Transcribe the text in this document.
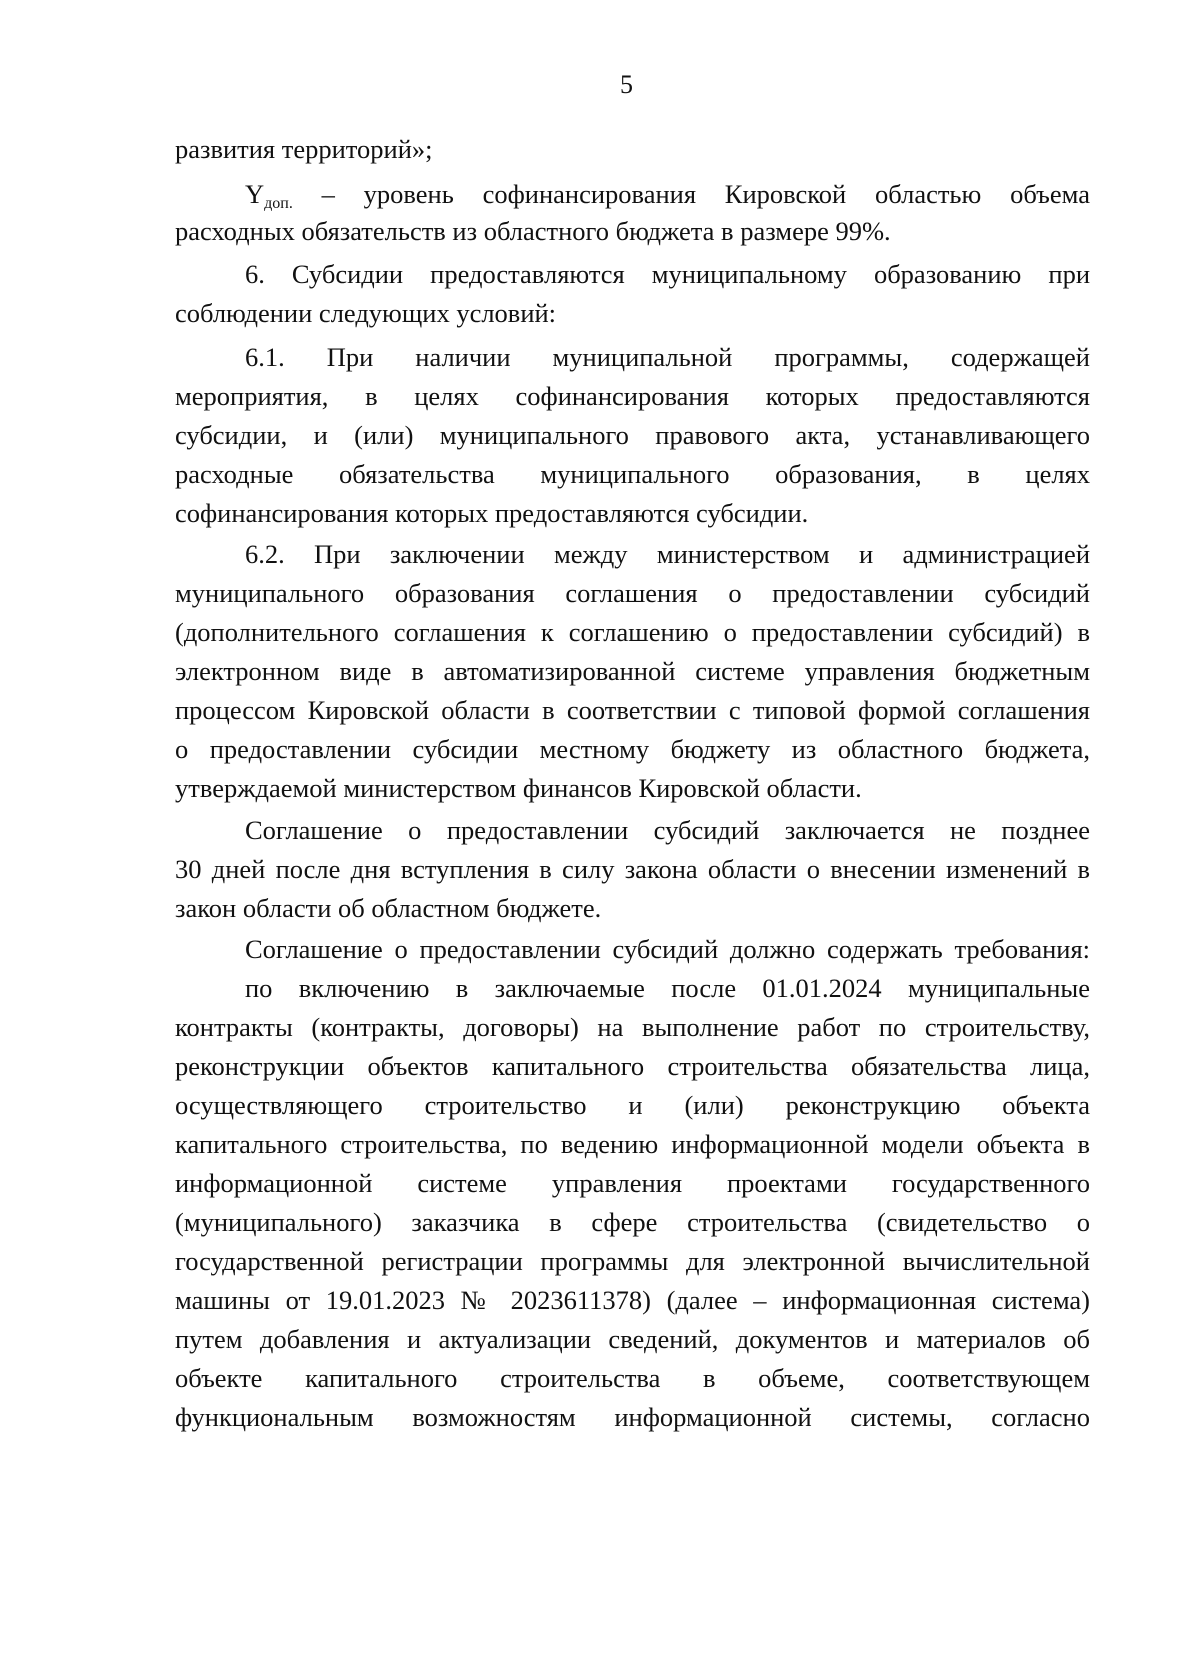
5
развития территорий»;
$Y_{доп.}$ – уровень софинансирования Кировской областью объема
расходных обязательств из областного бюджета в размере 99%.
6. Субсидии предоставляются муниципальному образованию при
соблюдении следующих условий:
6.1. При наличии муниципальной программы, содержащей
мероприятия, в целях софинансирования которых предоставляются
субсидии, и (или) муниципального правового акта, устанавливающего
расходные обязательства муниципального образования, в целях
софинансирования которых предоставляются субсидии.
6.2. При заключении между министерством и администрацией
муниципального образования соглашения о предоставлении субсидий
(дополнительного соглашения к соглашению о предоставлении субсидий) в
электронном виде в автоматизированной системе управления бюджетным
процессом Кировской области в соответствии с типовой формой соглашения
о предоставлении субсидии местному бюджету из областного бюджета,
утверждаемой министерством финансов Кировской области.
Соглашение о предоставлении субсидий заключается не позднее
30 дней после дня вступления в силу закона области о внесении изменений в
закон области об областном бюджете.
Соглашение о предоставлении субсидий должно содержать требования:
по включению в заключаемые после 01.01.2024 муниципальные
контракты (контракты, договоры) на выполнение работ по строительству,
реконструкции объектов капитального строительства обязательства лица,
осуществляющего строительство и (или) реконструкцию объекта
капитального строительства, по ведению информационной модели объекта в
информационной системе управления проектами государственного
(муниципального) заказчика в сфере строительства (свидетельство о
государственной регистрации программы для электронной вычислительной
машины от 19.01.2023 № 2023611378) (далее – информационная система)
путем добавления и актуализации сведений, документов и материалов об
объекте капитального строительства в объеме, соответствующем
функциональным возможностям информационной системы, согласно
